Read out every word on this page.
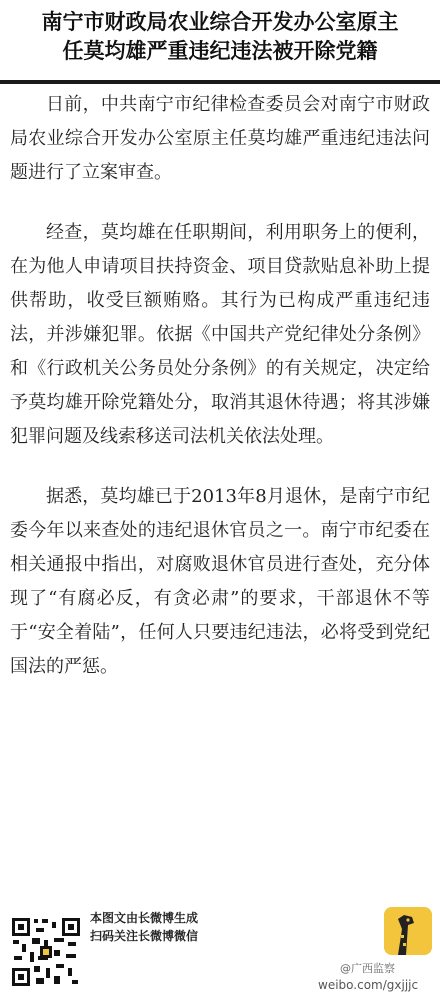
南宁市财政局农业综合开发办公室原主
任莫均雄严重违纪违法被开除党籍

日前，中共南宁市纪律检查委员会对南宁市财政局农业综合开发办公室原主任莫均雄严重违纪违法问题进行了立案审查。

经查，莫均雄在任职期间，利用职务上的便利，在为他人申请项目扶持资金、项目贷款贴息补助上提供帮助，收受巨额贿赂。其行为已构成严重违纪违法，并涉嫌犯罪。依据《中国共产党纪律处分条例》和《行政机关公务员处分条例》的有关规定，决定给予莫均雄开除党籍处分，取消其退休待遇；将其涉嫌犯罪问题及线索移送司法机关依法处理。

据悉，莫均雄已于2013年8月退休，是南宁市纪委今年以来查处的违纪退休官员之一。南宁市纪委在相关通报中指出，对腐败退休官员进行查处，充分体现了“有腐必反，有贪必肃”的要求，干部退休不等于“安全着陆”，任何人只要违纪违法，必将受到党纪国法的严惩。

本图文由长微博生成
扫码关注长微博微信
@广西监察
weibo.com/gxjjjc
